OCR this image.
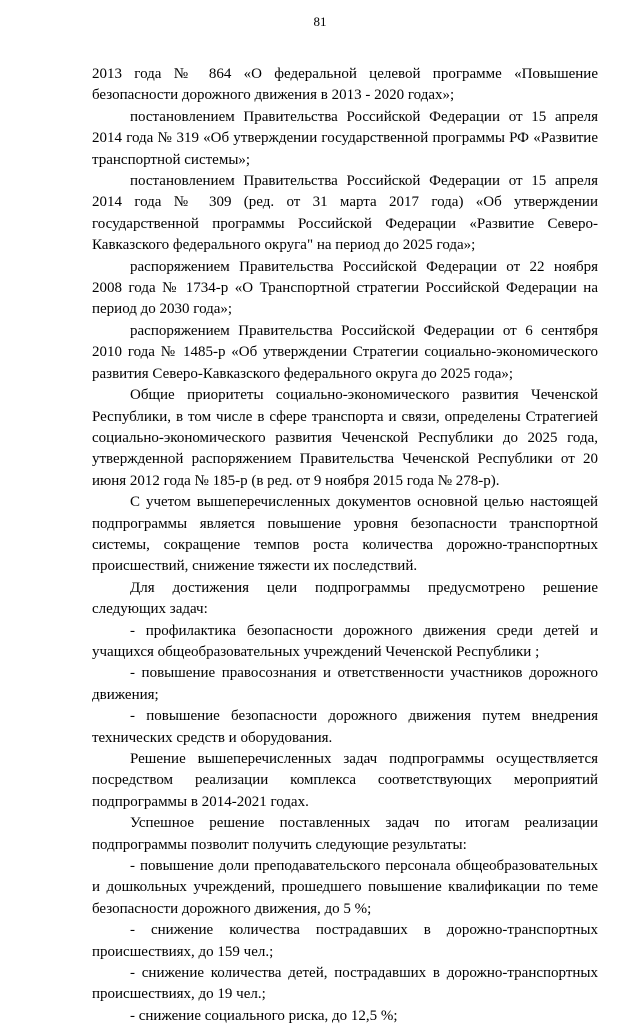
81

2013 года № 864 «О федеральной целевой программе «Повышение безопасности дорожного движения в 2013 - 2020 годах»;

постановлением Правительства Российской Федерации от 15 апреля 2014 года № 319 «Об утверждении государственной программы РФ «Развитие транспортной системы»;

постановлением Правительства Российской Федерации от 15 апреля 2014 года № 309 (ред. от 31 марта 2017 года) «Об утверждении государственной программы Российской Федерации «Развитие Северо-Кавказского федерального округа" на период до 2025 года»;

распоряжением Правительства Российской Федерации от 22 ноября 2008 года № 1734-р «О Транспортной стратегии Российской Федерации на период до 2030 года»;

распоряжением Правительства Российской Федерации от 6 сентября 2010 года № 1485-р «Об утверждении Стратегии социально-экономического развития Северо-Кавказского федерального округа до 2025 года»;

Общие приоритеты социально-экономического развития Чеченской Республики, в том числе в сфере транспорта и связи, определены Стратегией социально-экономического развития Чеченской Республики до 2025 года, утвержденной распоряжением Правительства Чеченской Республики от 20 июня 2012 года № 185-р (в ред. от 9 ноября 2015 года № 278-р).

С учетом вышеперечисленных документов основной целью настоящей подпрограммы является повышение уровня безопасности транспортной системы, сокращение темпов роста количества дорожно-транспортных происшествий, снижение тяжести их последствий.

Для достижения цели подпрограммы предусмотрено решение следующих задач:

- профилактика безопасности дорожного движения среди детей и учащихся общеобразовательных учреждений Чеченской Республики ;

- повышение правосознания и ответственности участников дорожного движения;

- повышение безопасности дорожного движения путем внедрения технических средств и оборудования.

Решение вышеперечисленных задач подпрограммы осуществляется посредством реализации комплекса соответствующих мероприятий подпрограммы в 2014-2021 годах.

Успешное решение поставленных задач по итогам реализации подпрограммы позволит получить следующие результаты:

- повышение доли преподавательского персонала общеобразовательных и дошкольных учреждений, прошедшего повышение квалификации по теме безопасности дорожного движения, до 5 %;

- снижение количества пострадавших в дорожно-транспортных происшествиях, до 159 чел.;

- снижение количества детей, пострадавших в дорожно-транспортных происшествиях, до 19 чел.;

- снижение социального риска, до 12,5 %;
